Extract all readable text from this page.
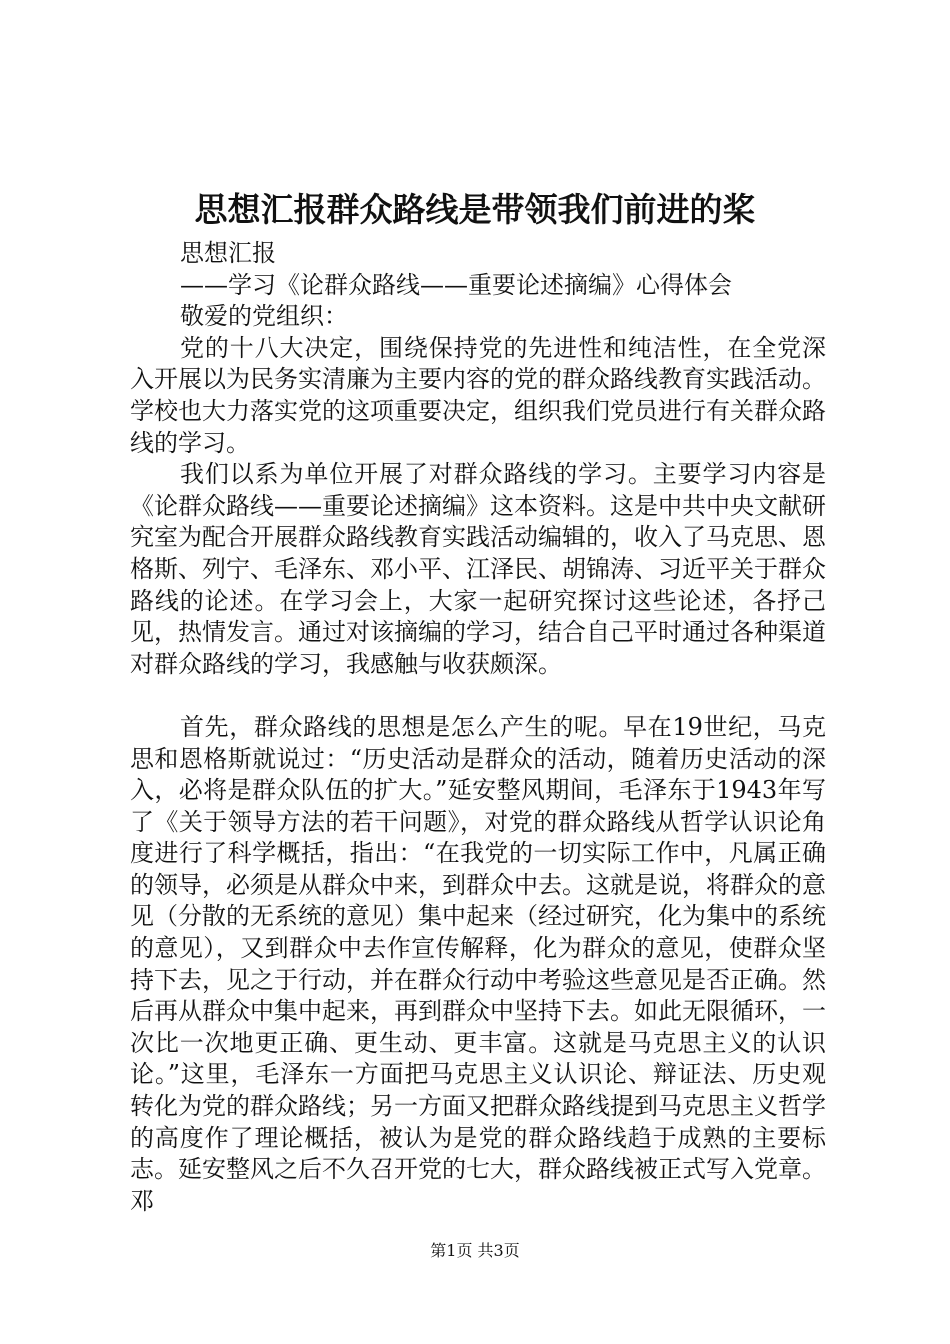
思想汇报群众路线是带领我们前进的桨

思想汇报

——学习《论群众路线——重要论述摘编》心得体会

敬爱的党组织：

党的十八大决定，围绕保持党的先进性和纯洁性，在全党深入开展以为民务实清廉为主要内容的党的群众路线教育实践活动。学校也大力落实党的这项重要决定，组织我们党员进行有关群众路线的学习。

我们以系为单位开展了对群众路线的学习。主要学习内容是《论群众路线——重要论述摘编》这本资料。这是中共中央文献研究室为配合开展群众路线教育实践活动编辑的，收入了马克思、恩格斯、列宁、毛泽东、邓小平、江泽民、胡锦涛、习近平关于群众路线的论述。在学习会上，大家一起研究探讨这些论述，各抒己见，热情发言。通过对该摘编的学习，结合自己平时通过各种渠道对群众路线的学习，我感触与收获颇深。

首先，群众路线的思想是怎么产生的呢。早在19世纪，马克思和恩格斯就说过：“历史活动是群众的活动，随着历史活动的深入，必将是群众队伍的扩大。”延安整风期间，毛泽东于1943年写了《关于领导方法的若干问题》，对党的群众路线从哲学认识论角度进行了科学概括，指出：“在我党的一切实际工作中，凡属正确的领导，必须是从群众中来，到群众中去。这就是说，将群众的意见（分散的无系统的意见）集中起来（经过研究，化为集中的系统的意见），又到群众中去作宣传解释，化为群众的意见，使群众坚持下去，见之于行动，并在群众行动中考验这些意见是否正确。然后再从群众中集中起来，再到群众中坚持下去。如此无限循环，一次比一次地更正确、更生动、更丰富。这就是马克思主义的认识论。”这里，毛泽东一方面把马克思主义认识论、辩证法、历史观转化为党的群众路线；另一方面又把群众路线提到马克思主义哲学的高度作了理论概括，被认为是党的群众路线趋于成熟的主要标志。延安整风之后不久召开党的七大，群众路线被正式写入党章。邓

第1页 共3页
